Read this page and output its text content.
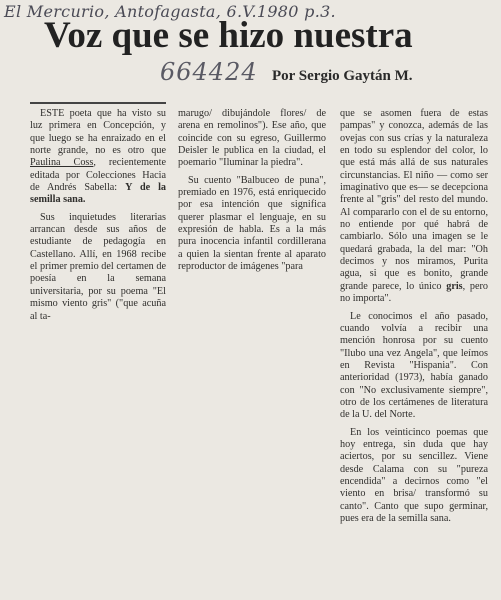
El Mercurio, Antofagasta, 6.V.1980 p.3.
Voz que se hizo nuestra
664424 Por Sergio Gaytán M.

ESTE poeta que ha visto su luz primera en Concepción, y que luego se ha enraizado en el norte grande, no es otro que Paulina Coss, recientemente editada por Colecciones Hacia de Andrés Sabella: Y de la semilla sana.

Sus inquietudes literarias arrancan desde sus años de estudiante de pedagogía en Castellano. Allí, en 1968 recibe el primer premio del certamen de poesía en la semana universitaria, por su poema "El mismo viento gris" ("que acuña al ta-

marugo/ dibujándole flores/ de arena en remolinos"). Ese año, que coincide con su egreso, Guillermo Deisler le publica en la ciudad, el poemario "Iluminar la piedra".

Su cuento "Balbuceo de puna", premiado en 1976, está enriquecido por esa intención que significa querer plasmar el lenguaje, en su expresión de habla. Es a la más pura inocencia infantil cordillerana a quien la sientan frente al aparato reproductor de imágenes "para

que se asomen fuera de estas pampas" y conozca, además de las ovejas con sus crías y la naturaleza en todo su esplendor del color, lo que está más allá de sus naturales circunstancias. El niño — como ser imaginativo que es— se decepciona frente al "gris" del resto del mundo. Al compararlo con el de su entorno, no entiende por qué habrá de cambiarlo. Sólo una imagen se le quedará grabada, la del mar: "Oh decimos y nos miramos, Purita agua, si que es bonito, grande grande parece, lo único gris, pero no importa".

Le conocimos el año pasado, cuando volvía a recibir una mención honrosa por su cuento "Ilubo una vez Angela", que leímos en Revista "Hispania". Con anterioridad (1973), había ganado con "No exclusivamente siempre", otro de los certámenes de literatura de la U. del Norte.

En los veinticinco poemas que hoy entrega, sin duda que hay aciertos, por su sencillez. Viene desde Calama con su "pureza encendida" a decirnos como "el viento en brisa/ transformó su canto". Canto que supo germinar, pues era de la semilla sana.
